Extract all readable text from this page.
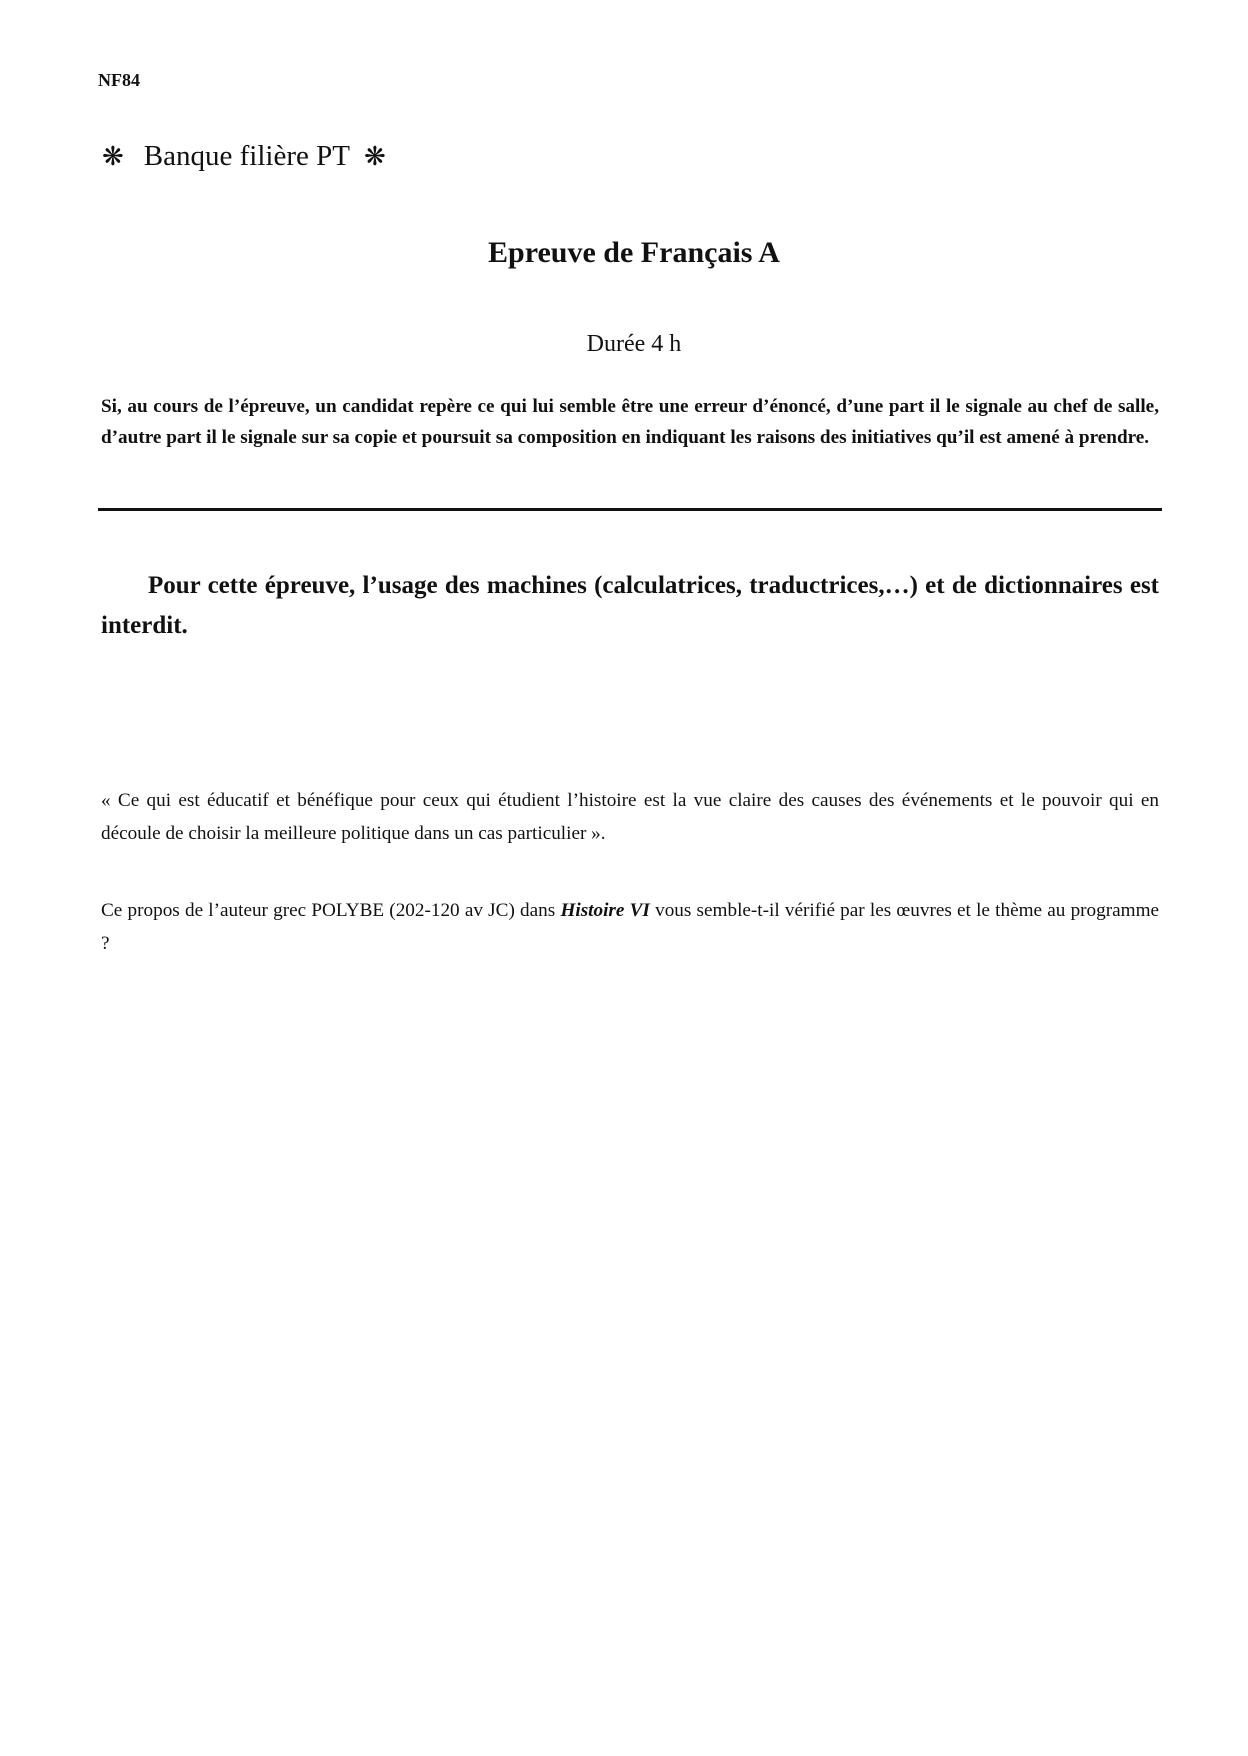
NF84
❋ Banque filière PT ❋
Epreuve de Français A
Durée 4 h
Si, au cours de l’épreuve, un candidat repère ce qui lui semble être une erreur d’énoncé, d’une part il le signale au chef de salle, d’autre part il le signale sur sa copie et poursuit sa composition en indiquant les raisons des initiatives qu’il est amené à prendre.
Pour cette épreuve, l’usage des machines (calculatrices, traductrices,…) et de dictionnaires est interdit.
« Ce qui est éducatif et bénéfique pour ceux qui étudient l’histoire est la vue claire des causes des événements et le pouvoir qui en découle de choisir la meilleure politique dans un cas particulier ».
Ce propos de l’auteur grec POLYBE (202-120 av JC) dans Histoire VI vous semble-t-il vérifié par les œuvres et le thème au programme ?
